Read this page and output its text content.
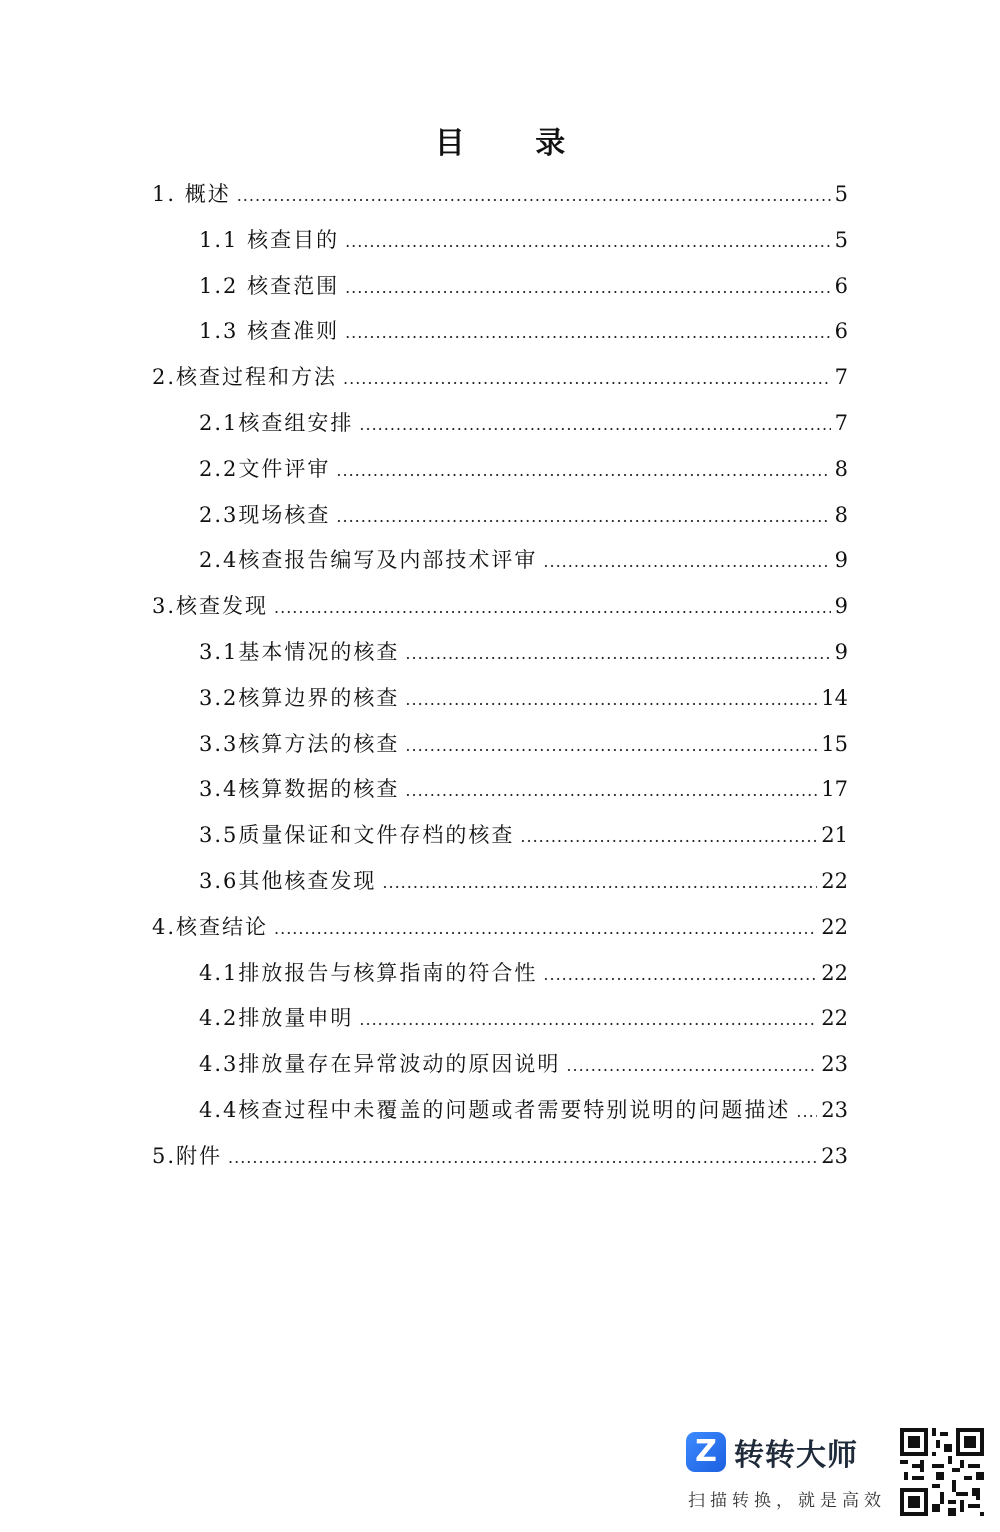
目 录
1. 概述 .....	5
1.1 核查目的 .....	5
1.2 核查范围 .....	6
1.3 核查准则 .....	6
2.核查过程和方法 .....	7
2.1核查组安排 .....	7
2.2文件评审 .....	8
2.3现场核查 .....	8
2.4核查报告编写及内部技术评审 .....	9
3.核查发现 .....	9
3.1基本情况的核查 .....	9
3.2核算边界的核查 .....	14
3.3核算方法的核查 .....	15
3.4核算数据的核查 .....	17
3.5质量保证和文件存档的核查 .....	21
3.6其他核查发现 .....	22
4.核查结论 .....	22
4.1排放报告与核算指南的符合性 .....	22
4.2排放量申明 .....	22
4.3排放量存在异常波动的原因说明 .....	23
4.4核查过程中未覆盖的问题或者需要特别说明的问题描述 ..... 23
5.附件 .....	23
Z 转转大师
扫描转换，就是高效
